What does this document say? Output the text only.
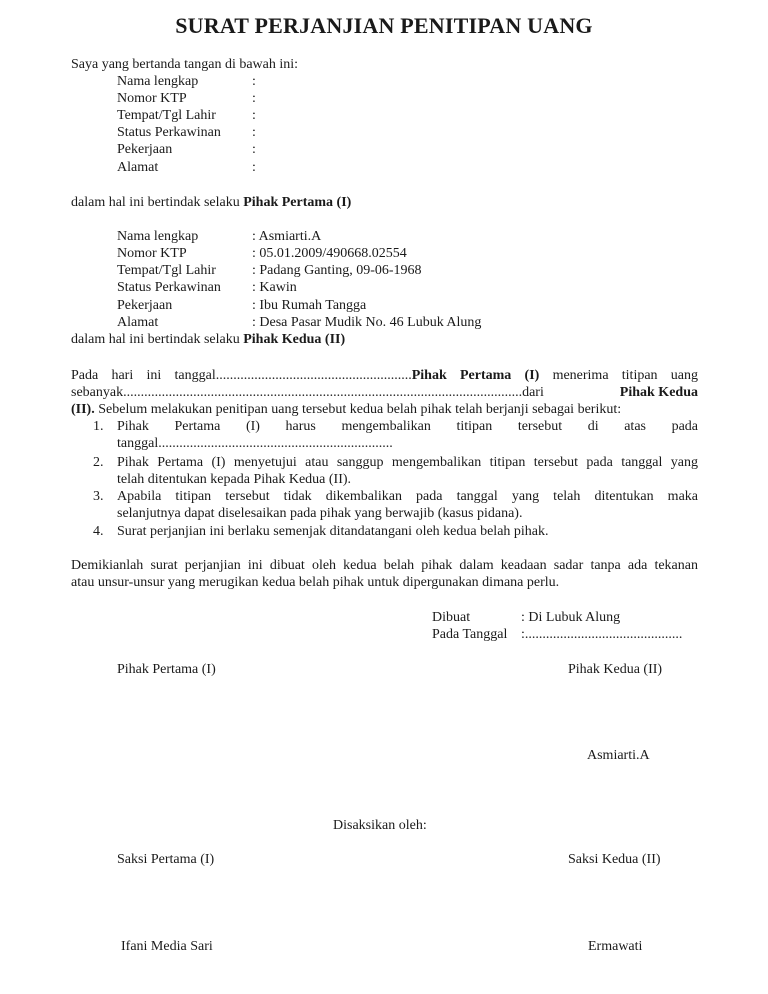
SURAT PERJANJIAN PENITIPAN UANG
Saya yang bertanda tangan di bawah ini:
Nama lengkap	:
Nomor KTP	:
Tempat/Tgl Lahir	:
Status Perkawinan :
Pekerjaan	:
Alamat	:
dalam hal ini bertindak selaku Pihak Pertama (I)
Nama lengkap	: Asmiarti.A
Nomor KTP	: 05.01.2009/490668.02554
Tempat/Tgl Lahir	: Padang Ganting, 09-06-1968
Status Perkawinan : Kawin
Pekerjaan	: Ibu Rumah Tangga
Alamat	: Desa Pasar Mudik No. 46 Lubuk Alung
dalam hal ini bertindak selaku Pihak Kedua (II)
Pada hari ini tanggal........................................................Pihak Pertama (I) menerima titipan uang
sebanyak..................................................................................................................dari	Pihak Kedua
(II). Sebelum melakukan penitipan uang tersebut kedua belah pihak telah berjanji sebagai berikut:
1. Pihak Pertama (I) harus mengembalikan titipan tersebut di atas pada
tanggal...................................................................
2. Pihak Pertama (I) menyetujui atau sanggup mengembalikan titipan tersebut pada tanggal yang
telah ditentukan kepada Pihak Kedua (II).
3. Apabila titipan tersebut tidak dikembalikan pada tanggal yang telah ditentukan maka
selanjutnya dapat diselesaikan pada pihak yang berwajib (kasus pidana).
4. Surat perjanjian ini berlaku semenjak ditandatangani oleh kedua belah pihak.
Demikianlah surat perjanjian ini dibuat oleh kedua belah pihak dalam keadaan sadar tanpa ada tekanan
atau unsur-unsur yang merugikan kedua belah pihak untuk dipergunakan dimana perlu.
Dibuat	: Di Lubuk Alung
Pada Tanggal :.............................................
Pihak Pertama (I)	Pihak Kedua (II)
Asmiarti.A
Disaksikan oleh:
Saksi Pertama (I)	Saksi Kedua (II)
Ifani Media Sari	Ermawati
